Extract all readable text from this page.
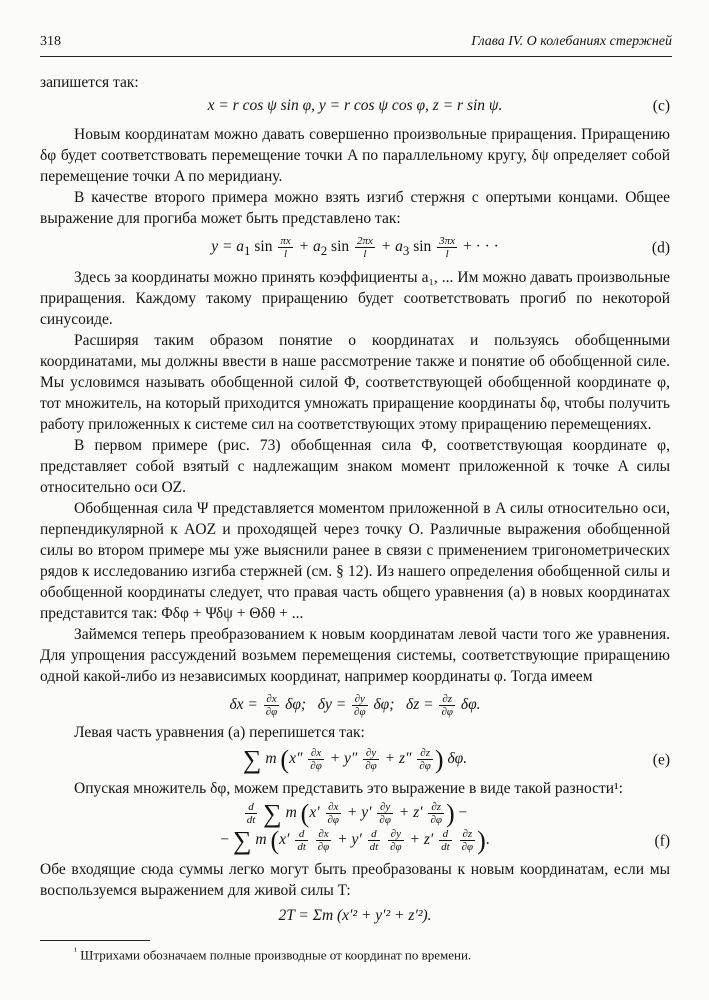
318	Глава IV. О колебаниях стержней

запишется так:

x = r cos ψ sin φ, y = r cos ψ cos φ, z = r sin ψ.	(с)

Новым координатам можно давать совершенно произвольные приращения. Приращению δφ будет соответствовать перемещение точки A по параллельному кругу, δψ определяет собой перемещение точки A по меридиану.

В качестве второго примера можно взять изгиб стержня с опертыми концами. Общее выражение для прогиба может быть представлено так:

$y = a_1$ $\sin \frac{\pi x}{l} + a_2$ $\sin \frac{2\pi x}{l} + a_3$ $\sin \frac{3\pi x}{l}$ + · · ·	(d)

Здесь за координаты можно принять коэффициенты a₁, ... Им можно давать произвольные приращения. Каждому такому приращению будет соответствовать прогиб по некоторой синусоиде.

Расширяя таким образом понятие о координатах и пользуясь обобщенными координатами, мы должны ввести в наше рассмотрение также и понятие об обобщенной силе. Мы условимся называть обобщенной силой Φ, соответствующей обобщенной координате φ, тот множитель, на который приходится умножать приращение координаты δφ, чтобы получить работу приложенных к системе сил на соответствующих этому приращению перемещениях.

В первом примере (рис. 73) обобщенная сила Φ, соответствующая координате φ, представляет собой взятый с надлежащим знаком момент приложенной к точке A силы относительно оси OZ.

Обобщенная сила Ψ представляется моментом приложенной в A силы относительно оси, перпендикулярной к AOZ и проходящей через точку O. Различные выражения обобщенной силы во втором примере мы уже выяснили ранее в связи с применением тригонометрических рядов к исследованию изгиба стержней (см. § 12). Из нашего определения обобщенной силы и обобщенной координаты следует, что правая часть общего уравнения (а) в новых координатах представится так: Φδφ + Ψδψ + Θδθ + ...

Займемся теперь преобразованием к новым координатам левой части того же уравнения. Для упрощения рассуждений возьмем перемещения системы, соответствующие приращению одной какой-либо из независимых координат, например координаты φ. Тогда имеем

$\delta x = \frac{\partial x}{\partial\varphi} \delta\varphi$; $\delta y = \frac{\partial y}{\partial\varphi} \delta\varphi$; $\delta z = \frac{\partial z}{\partial\varphi} \delta\varphi$.

Левая часть уравнения (а) перепишется так:

∑ m ($x'' \frac{\partial x}{\partial\varphi} + y'' \frac{\partial y}{\partial\varphi} + z'' \frac{\partial z}{\partial\varphi}$ ) δφ.	(е)

Опуская множитель δφ, можем представить это выражение в виде такой разности¹:

$\frac{d}{dt}$ ∑ m ($x' \frac{\partial x}{\partial\varphi} + y' \frac{\partial y}{\partial\varphi} + z' \frac{\partial z}{\partial\varphi}$ ) −
− ∑ m ($x' \frac{d}{dt}$
$\frac{\partial x}{\partial\varphi} + y' \frac{d}{dt}$
$\frac{\partial y}{\partial\varphi} + z' \frac{d}{dt}$
$\frac{\partial z}{\partial\varphi}$ ).	(f)

Обе входящие сюда суммы легко могут быть преобразованы к новым координатам, если мы воспользуемся выражением для живой силы T:

2T = Σm (x′² + y′² + z′²).
$^{^1}$ Штрихами обозначаем полные производные от координат по времени.
